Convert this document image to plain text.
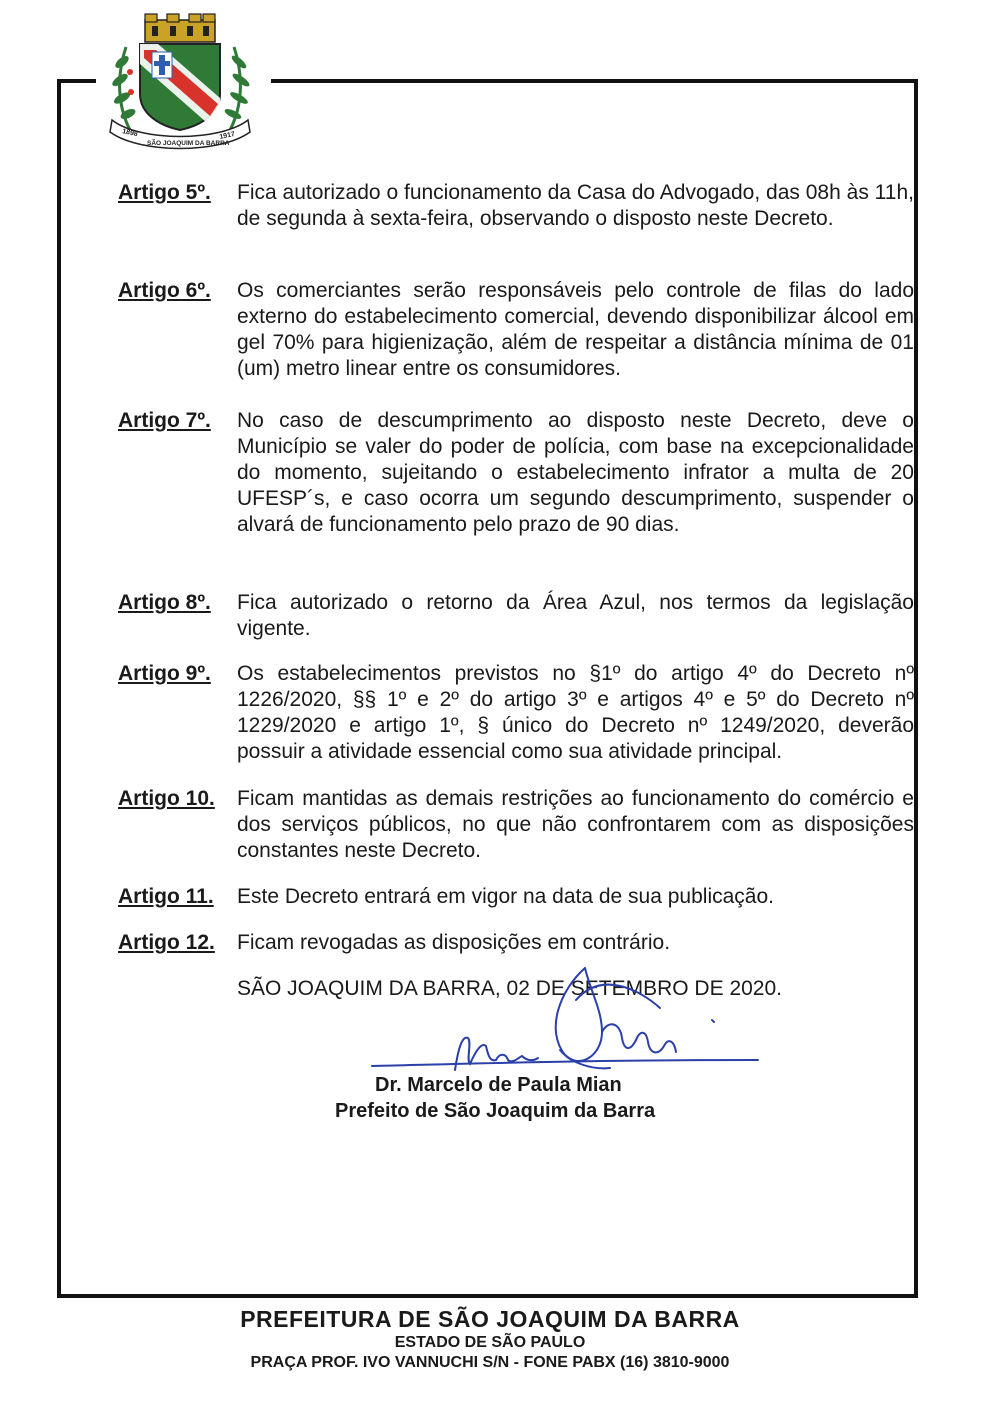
1898	1917
SÃO JOAQUIM DA BARRA
Artigo 5º. Fica autorizado o funcionamento da Casa do Advogado, das 08h às 11h, de segunda à sexta-feira, observando o disposto neste Decreto.
Artigo 6º. Os comerciantes serão responsáveis pelo controle de filas do lado externo do estabelecimento comercial, devendo disponibilizar álcool em gel 70% para higienização, além de respeitar a distância mínima de 01 (um) metro linear entre os consumidores.
Artigo 7º. No caso de descumprimento ao disposto neste Decreto, deve o Município se valer do poder de polícia, com base na excepcionalidade do momento, sujeitando o estabelecimento infrator a multa de 20 UFESP´s, e caso ocorra um segundo descumprimento, suspender o alvará de funcionamento pelo prazo de 90 dias.
Artigo 8º. Fica autorizado o retorno da Área Azul, nos termos da legislação vigente.
Artigo 9º. Os estabelecimentos previstos no §1º do artigo 4º do Decreto nº 1226/2020, §§ 1º e 2º do artigo 3º e artigos 4º e 5º do Decreto nº 1229/2020 e artigo 1º, § único do Decreto nº 1249/2020, deverão possuir a atividade essencial como sua atividade principal.
Artigo 10. Ficam mantidas as demais restrições ao funcionamento do comércio e dos serviços públicos, no que não confrontarem com as disposições constantes neste Decreto.
Artigo 11. Este Decreto entrará em vigor na data de sua publicação.
Artigo 12. Ficam revogadas as disposições em contrário.
SÃO JOAQUIM DA BARRA, 02 DE SETEMBRO DE 2020.
Dr. Marcelo de Paula Mian
Prefeito de São Joaquim da Barra
PREFEITURA DE SÃO JOAQUIM DA BARRA
ESTADO DE SÃO PAULO
PRAÇA PROF. IVO VANNUCHI S/N - FONE PABX (16) 3810-9000
